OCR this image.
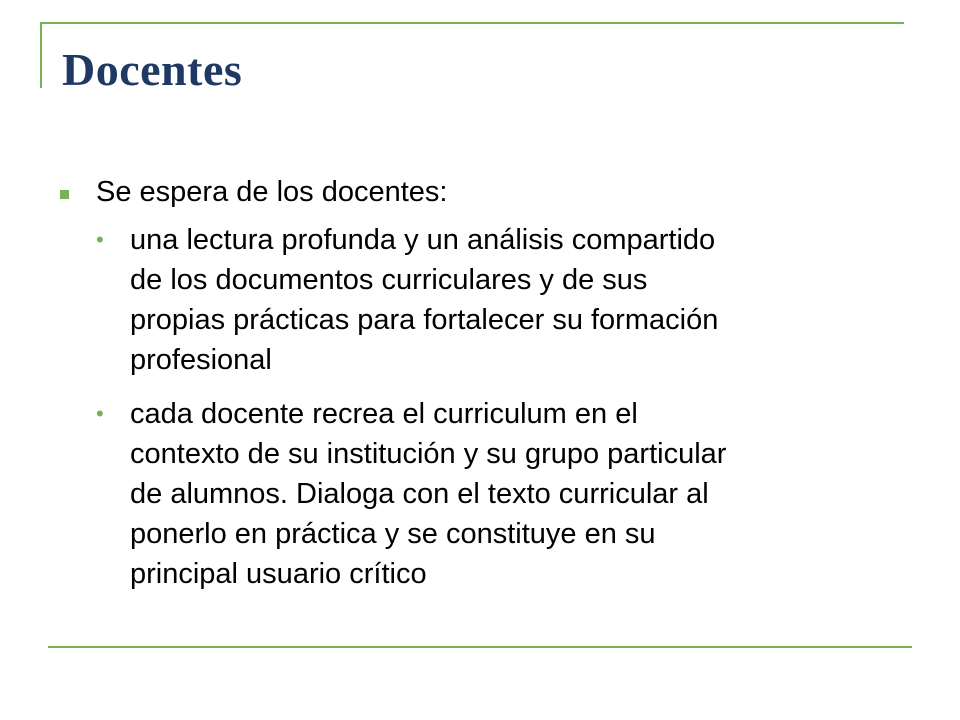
Docentes
Se espera de los docentes:
• una lectura profunda y un análisis compartido
de los documentos curriculares y de sus
propias prácticas para fortalecer su formación
profesional
• cada docente recrea el curriculum en el
contexto de su institución y su grupo particular
de alumnos. Dialoga con el texto curricular al
ponerlo en práctica y se constituye en su
principal usuario crítico
